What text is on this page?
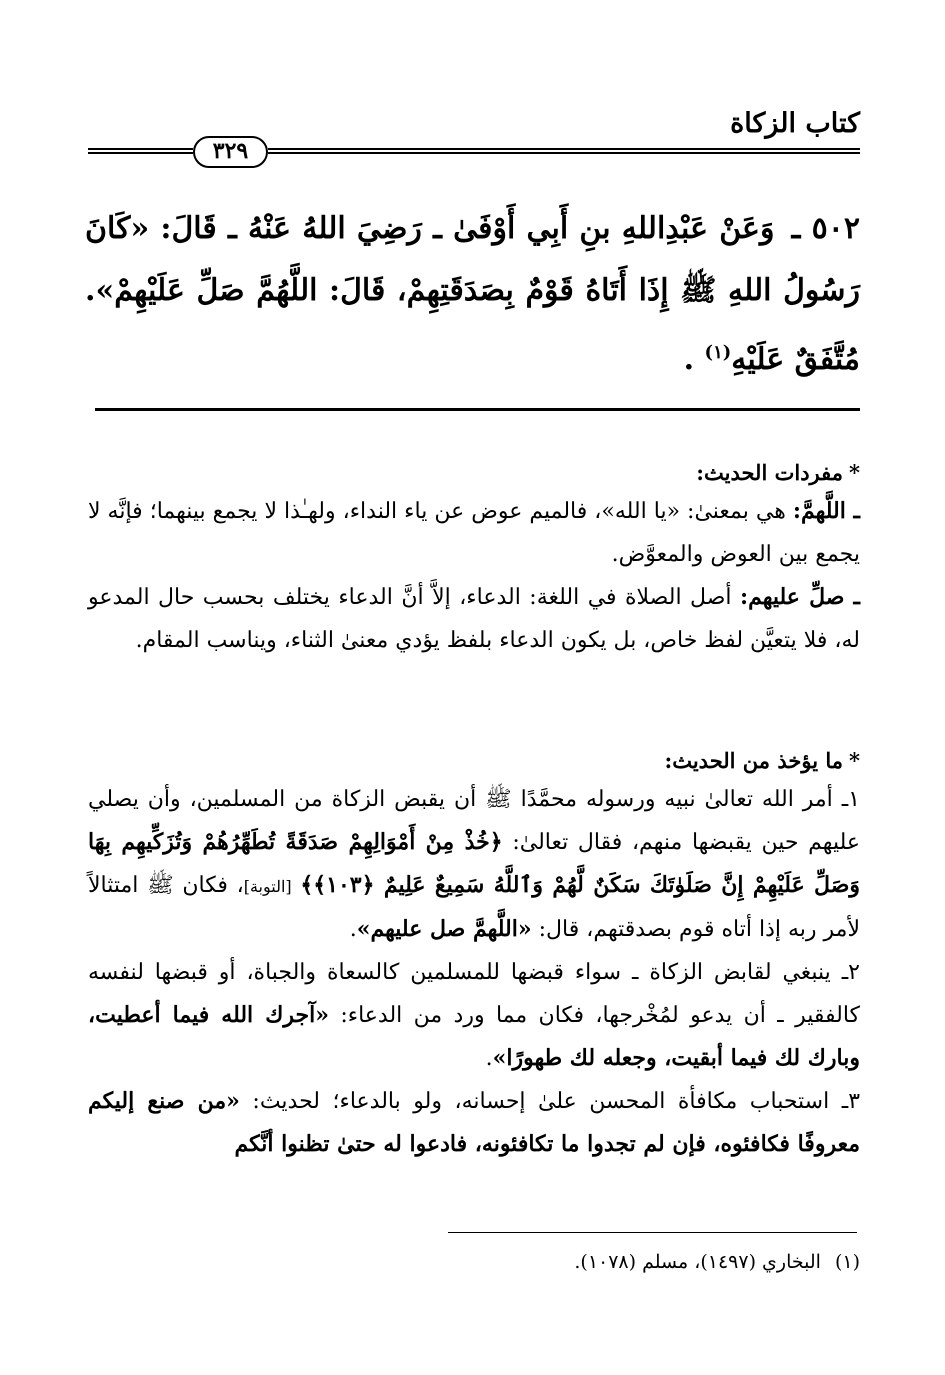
كتاب الزكاة
٣٢٩
٥٠٢ ـ وَعَنْ عَبْدِاللهِ بنِ أَبِي أَوْفَىٰ ـ رَضِيَ اللهُ عَنْهُ ـ قَالَ: «كَانَ رَسُولُ اللهِ ﷺ إِذَا أَتَاهُ قَوْمٌ بِصَدَقَتِهِمْ، قَالَ: اللَّهُمَّ صَلِّ عَلَيْهِمْ». مُتَّفَقٌ عَلَيْهِ$^{(١)}$ .
*مفردات الحديث:
ـ اللَّهمَّ: هي بمعنىٰ: «يا الله»، فالميم عوض عن ياء النداء، ولهـٰذا لا يجمع بينهما؛ فإنَّه لا يجمع بين العوض والمعوَّض.
ـ صلِّ عليهم: أصل الصلاة في اللغة: الدعاء، إلاَّ أنَّ الدعاء يختلف بحسب حال المدعو له، فلا يتعيَّن لفظ خاص، بل يكون الدعاء بلفظ يؤدي معنىٰ الثناء، ويناسب المقام.
*ما يؤخذ من الحديث:
١ـ أمر الله تعالىٰ نبيه ورسوله محمَّدًا ﷺ أن يقبض الزكاة من المسلمين، وأن يصلي عليهم حين يقبضها منهم، فقال تعالىٰ: ﴿خُذْ مِنْ أَمْوَالِهِمْ صَدَقَةً تُطَهِّرُهُمْ وَتُزَكِّيهِم بِهَا وَصَلِّ عَلَيْهِمْ إِنَّ صَلَوٰتَكَ سَكَنٌ لَّهُمْ وَٱللَّهُ سَمِيعٌ عَلِيمٌ ﴿١٠٣﴾﴾ [التوبة]، فكان ﷺ امتثالاً لأمر ربه إذا أتاه قوم بصدقتهم، قال: «اللَّهمَّ صل عليهم».
٢ـ ينبغي لقابض الزكاة ـ سواء قبضها للمسلمين كالسعاة والجباة، أو قبضها لنفسه كالفقير ـ أن يدعو لمُخْرجها، فكان مما ورد من الدعاء: «آجرك الله فيما أعطيت، وبارك لك فيما أبقيت، وجعله لك طهورًا».
٣ـ استحباب مكافأة المحسن علىٰ إحسانه، ولو بالدعاء؛ لحديث: «من صنع إليكم معروفًا فكافئوه، فإن لم تجدوا ما تكافئونه، فادعوا له حتىٰ تظنوا أنَّكم
(١)البخاري (١٤٩٧)، مسلم (١٠٧٨).
